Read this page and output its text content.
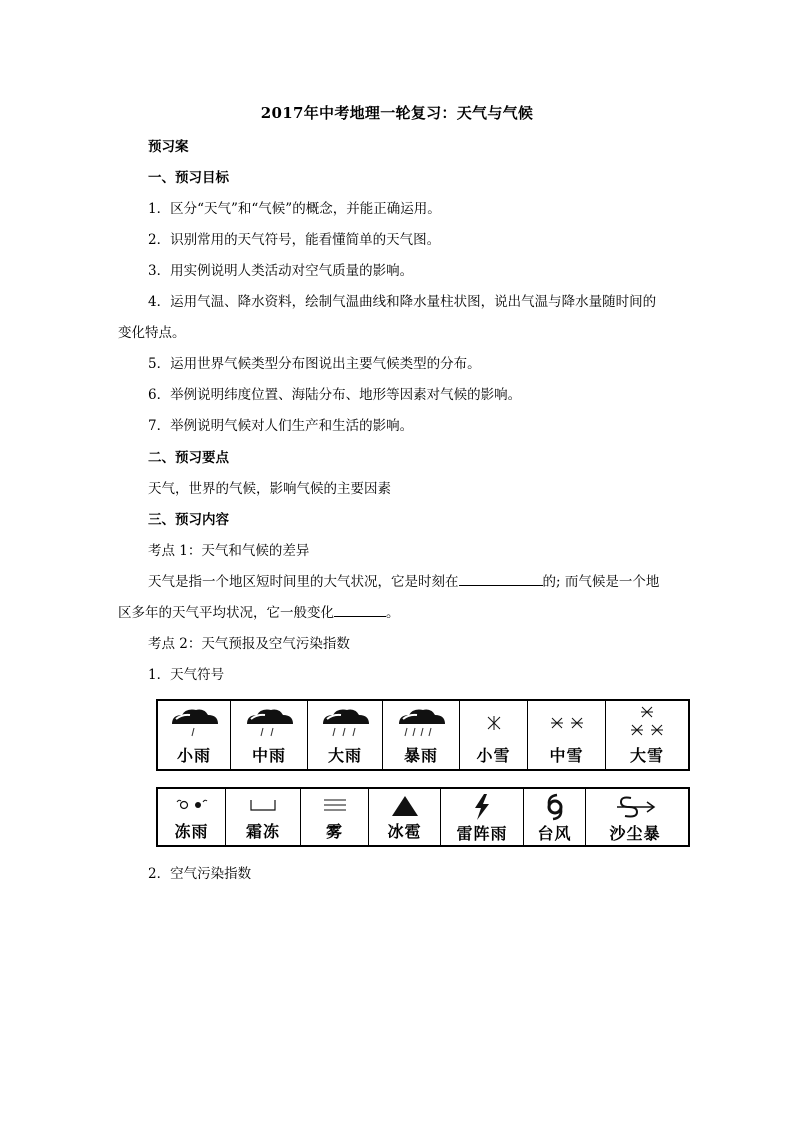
2017年中考地理一轮复习：天气与气候
预习案
一、预习目标
1．区分“天气”和“气候”的概念，并能正确运用。
2．识别常用的天气符号，能看懂简单的天气图。
3．用实例说明人类活动对空气质量的影响。
4．运用气温、降水资料，绘制气温曲线和降水量柱状图，说出气温与降水量随时间的
变化特点。
5．运用世界气候类型分布图说出主要气候类型的分布。
6．举例说明纬度位置、海陆分布、地形等因素对气候的影响。
7．举例说明气候对人们生产和生活的影响。
二、预习要点
天气，世界的气候，影响气候的主要因素
三、预习内容
考点 1：天气和气候的差异
天气是指一个地区短时间里的大气状况，它是时刻在	的; 而气候是一个地
区多年的天气平均状况，它一般变化	。
考点 2：天气预报及空气污染指数
1．天气符号
小雨	中雨	大雨	暴雨 小雪 中雪	大雪
冻雨 霜冻	雾	冰雹 雷阵雨 台风 沙尘暴
2．空气污染指数
